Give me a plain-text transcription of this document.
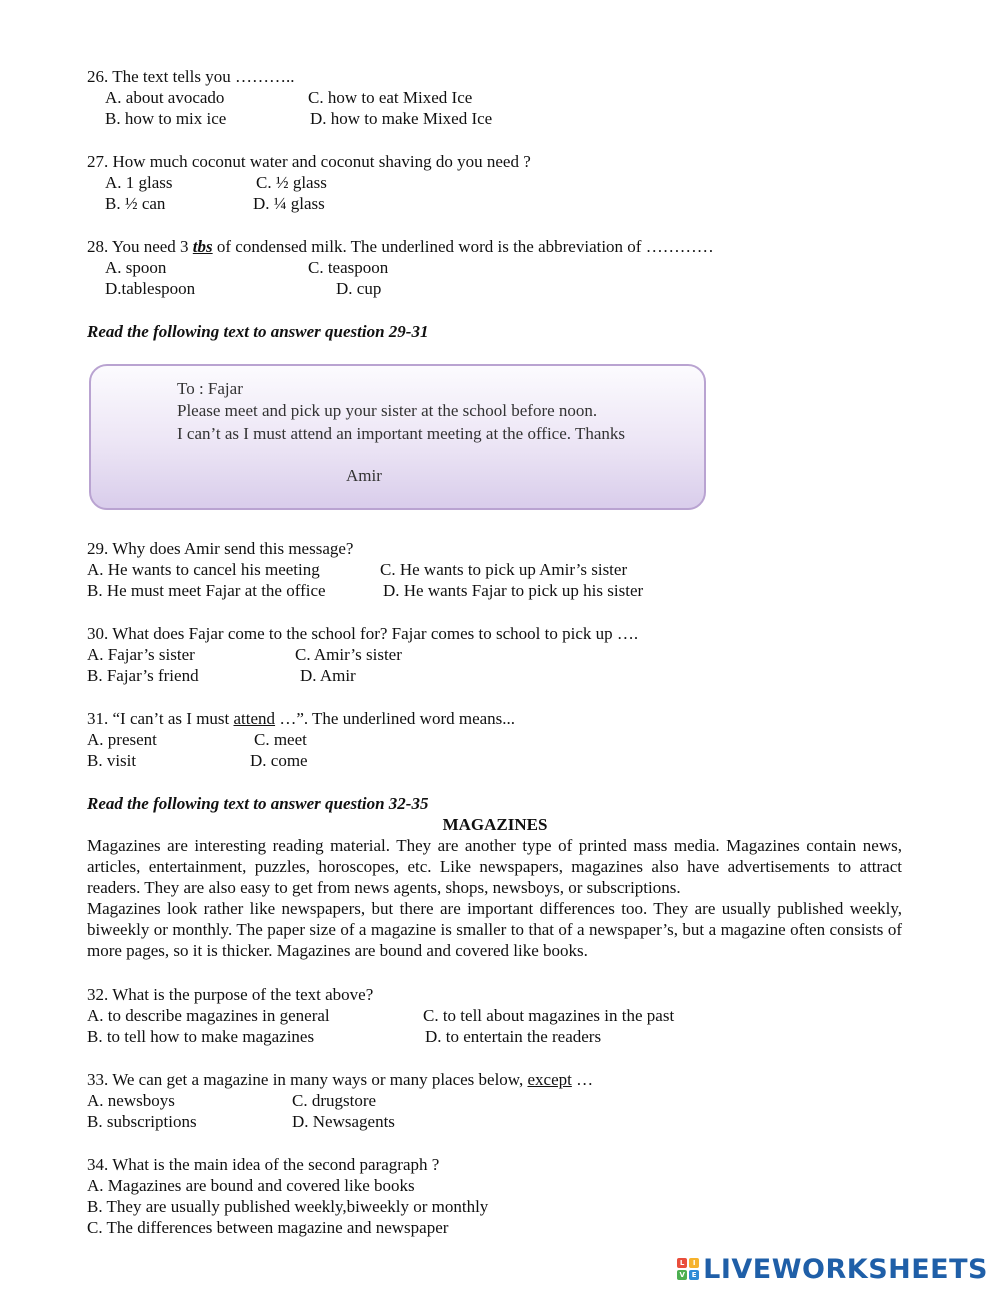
26. The text tells you ………..
A. about avocado	C. how to eat Mixed Ice
B. how to mix ice	D. how to make Mixed Ice
27. How much coconut water and coconut shaving do you need ?
A. 1 glass	C. ½ glass
B. ½ can	D. ¼ glass
28. You need 3 tbs of condensed milk. The underlined word is the abbreviation of …………
A. spoon	C. teaspoon
D.tablespoon	D. cup
Read the following text to answer question 29-31
To : Fajar
Please meet and pick up your sister at the school before noon.
I can’t as I must attend an important meeting at the office. Thanks
Amir
29. Why does Amir send this message?
A. He wants to cancel his meeting	C. He wants to pick up Amir’s sister
B. He must meet Fajar at the office	D. He wants Fajar to pick up his sister
30. What does Fajar come to the school for? Fajar comes to school to pick up ….
A. Fajar’s sister	C. Amir’s sister
B. Fajar’s friend	D. Amir
31. “I can’t as I must attend …”. The underlined word means...
A. present	C. meet
B. visit	D. come
Read the following text to answer question 32-35
MAGAZINES
Magazines are interesting reading material. They are another type of printed mass media. Magazines contain news, articles, entertainment, puzzles, horoscopes, etc. Like newspapers, magazines also have advertisements to attract readers. They are also easy to get from news agents, shops, newsboys, or subscriptions.
Magazines look rather like newspapers, but there are important differences too. They are usually published weekly, biweekly or monthly. The paper size of a magazine is smaller to that of a newspaper’s, but a magazine often consists of more pages, so it is thicker. Magazines are bound and covered like books.
32. What is the purpose of the text above?
A. to describe magazines in general	C. to tell about magazines in the past
B. to tell how to make magazines	D. to entertain the readers
33. We can get a magazine in many ways or many places below, except …
A. newsboys	C. drugstore
B. subscriptions	D. Newsagents
34. What is the main idea of the second paragraph ?
A. Magazines are bound and covered like books
B. They are usually published weekly,biweekly or monthly
C. The differences between magazine and newspaper
L	I
V E LIVEWORKSHEETS
